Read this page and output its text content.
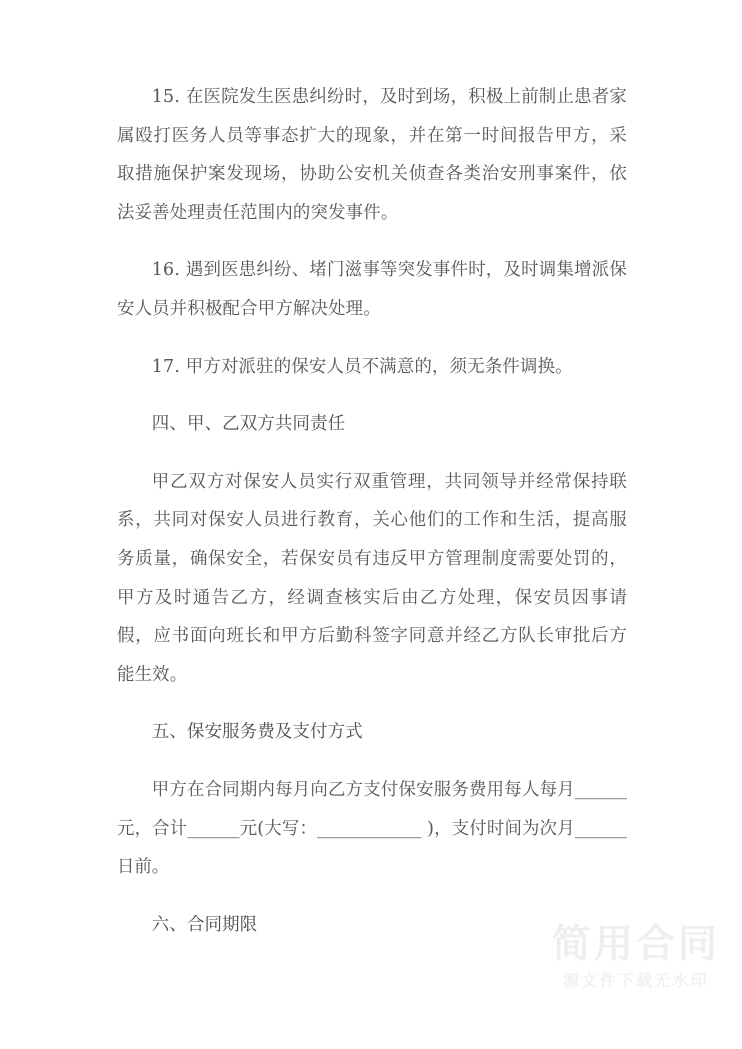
15. 在医院发生医患纠纷时，及时到场，积极上前制止患者家属殴打医务人员等事态扩大的现象，并在第一时间报告甲方，采取措施保护案发现场，协助公安机关侦查各类治安刑事案件，依法妥善处理责任范围内的突发事件。

16. 遇到医患纠纷、堵门滋事等突发事件时，及时调集增派保安人员并积极配合甲方解决处理。

17. 甲方对派驻的保安人员不满意的，须无条件调换。

四、甲、乙双方共同责任

甲乙双方对保安人员实行双重管理，共同领导并经常保持联系，共同对保安人员进行教育，关心他们的工作和生活，提高服务质量，确保安全，若保安员有违反甲方管理制度需要处罚的，甲方及时通告乙方，经调查核实后由乙方处理，保安员因事请假，应书面向班长和甲方后勤科签字同意并经乙方队长审批后方能生效。

五、保安服务费及支付方式

甲方在合同期内每月向乙方支付保安服务费用每人每月______元，合计______元(大写：____________ )，支付时间为次月______日前。

六、合同期限	简用合同
源文件下载无水印
